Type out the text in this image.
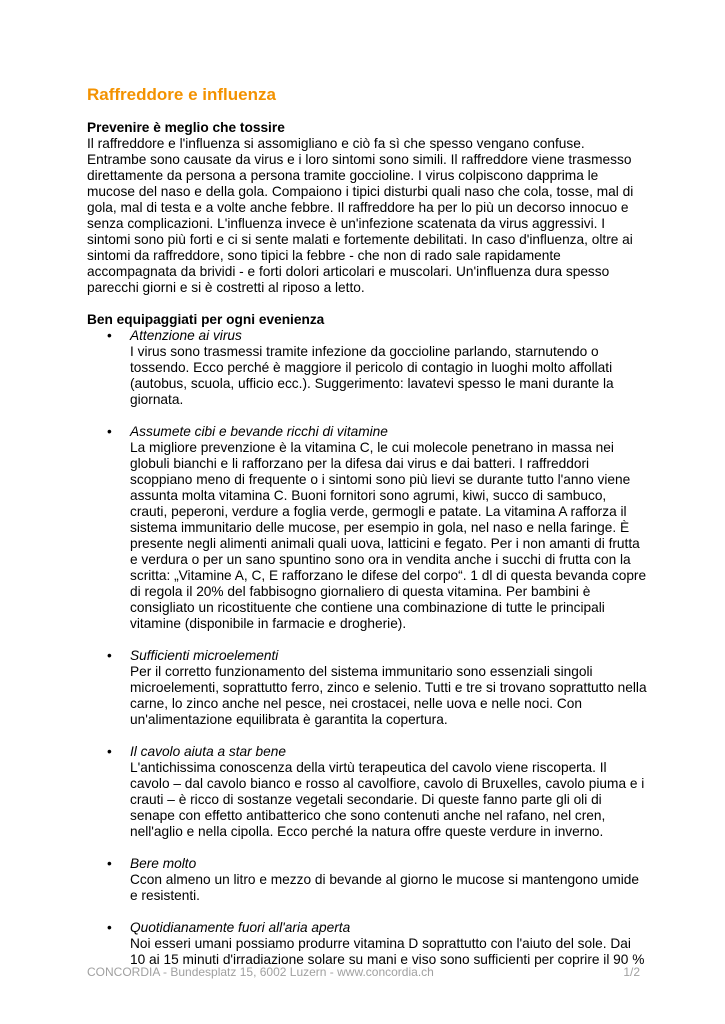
Raffreddore e influenza
Prevenire è meglio che tossire

Il raffreddore e l'influenza si assomigliano e ciò fa sì che spesso vengano confuse. Entrambe sono causate da virus e i loro sintomi sono simili. Il raffreddore viene trasmesso direttamente da persona a persona tramite goccioline. I virus colpiscono dapprima le mucose del naso e della gola. Compaiono i tipici disturbi quali naso che cola, tosse, mal di gola, mal di testa e a volte anche febbre. Il raffreddore ha per lo più un decorso innocuo e senza complicazioni. L'influenza invece è un'infezione scatenata da virus aggressivi. I sintomi sono più forti e ci si sente malati e fortemente debilitati. In caso d'influenza, oltre ai sintomi da raffreddore, sono tipici la febbre - che non di rado sale rapidamente accompagnata da brividi - e forti dolori articolari e muscolari. Un'influenza dura spesso parecchi giorni e si è costretti al riposo a letto.

Ben equipaggiati per ogni evenienza
• Attenzione ai virus
I virus sono trasmessi tramite infezione da goccioline parlando, starnutendo o tossendo. Ecco perché è maggiore il pericolo di contagio in luoghi molto affollati (autobus, scuola, ufficio ecc.). Suggerimento: lavatevi spesso le mani durante la giornata.
• Assumete cibi e bevande ricchi di vitamine
La migliore prevenzione è la vitamina C, le cui molecole penetrano in massa nei globuli bianchi e li rafforzano per la difesa dai virus e dai batteri. I raffreddori scoppiano meno di frequente o i sintomi sono più lievi se durante tutto l'anno viene assunta molta vitamina C. Buoni fornitori sono agrumi, kiwi, succo di sambuco, crauti, peperoni, verdure a foglia verde, germogli e patate. La vitamina A rafforza il sistema immunitario delle mucose, per esempio in gola, nel naso e nella faringe. È presente negli alimenti animali quali uova, latticini e fegato. Per i non amanti di frutta e verdura o per un sano spuntino sono ora in vendita anche i succhi di frutta con la scritta: „Vitamine A, C, E rafforzano le difese del corpo“. 1 dl di questa bevanda copre di regola il 20% del fabbisogno giornaliero di questa vitamina. Per bambini è consigliato un ricostituente che contiene una combinazione di tutte le principali vitamine (disponibile in farmacie e drogherie).
• Sufficienti microelementi
Per il corretto funzionamento del sistema immunitario sono essenziali singoli microelementi, soprattutto ferro, zinco e selenio. Tutti e tre si trovano soprattutto nella carne, lo zinco anche nel pesce, nei crostacei, nelle uova e nelle noci. Con un'alimentazione equilibrata è garantita la copertura.
• Il cavolo aiuta a star bene
L'antichissima conoscenza della virtù terapeutica del cavolo viene riscoperta. Il cavolo – dal cavolo bianco e rosso al cavolfiore, cavolo di Bruxelles, cavolo piuma e i crauti – è ricco di sostanze vegetali secondarie. Di queste fanno parte gli oli di senape con effetto antibatterico che sono contenuti anche nel rafano, nel cren, nell'aglio e nella cipolla. Ecco perché la natura offre queste verdure in inverno.
• Bere molto
Ccon almeno un litro e mezzo di bevande al giorno le mucose si mantengono umide e resistenti.
• Quotidianamente fuori all'aria aperta
Noi esseri umani possiamo produrre vitamina D soprattutto con l'aiuto del sole. Dai 10 ai 15 minuti d'irradiazione solare su mani e viso sono sufficienti per coprire il 90 %
CONCORDIA - Bundesplatz 15, 6002 Luzern - www.concordia.ch	1/2
